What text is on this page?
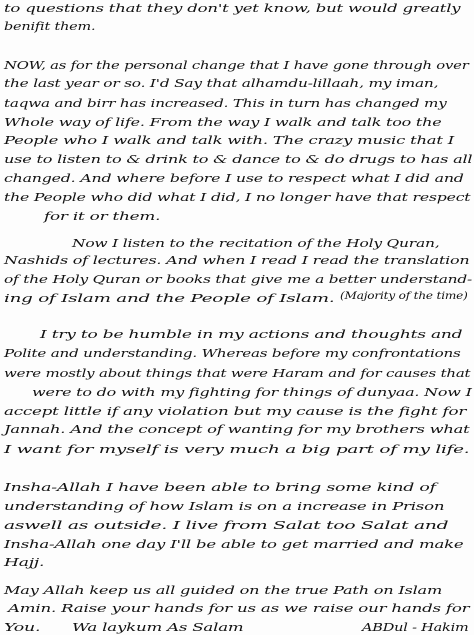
to questions that they don't yet know, but would greatly
benifit them.
NOW, as for the personal change that I have gone through over
the last year or so. I'd Say that alhamdu-lillaah, my iman,
taqwa and birr has increased. This in turn has changed my
Whole way of life. From the way I walk and talk too the
People who I walk and talk with. The crazy music that I
use to listen to & drink to & dance to & do drugs to has all
changed. And where before I use to respect what I did and
the People who did what I did, I no longer have that respect
for it or them.
Now I listen to the recitation of the Holy Quran,
Nashids of lectures. And when I read I read the translation
of the Holy Quran or books that give me a better understand-
ing of Islam and the People of Islam. (Majority of the time)
I try to be humble in my actions and thoughts and
Polite and understanding. Whereas before my confrontations
were mostly about things that were Haram and for causes that
were to do with my fighting for things of dunyaa. Now I
accept little if any violation but my cause is the fight for
Jannah. And the concept of wanting for my brothers what
I want for myself is very much a big part of my life.
Insha-Allah I have been able to bring some kind of
understanding of how Islam is on a increase in Prison
aswell as outside. I live from Salat too Salat and
Insha-Allah one day I'll be able to get married and make
Hajj.
May Allah keep us all guided on the true Path on Islam
Amin. Raise your hands for us as we raise our hands for
You.	Wa laykum As Salam	ABDul - Hakim
